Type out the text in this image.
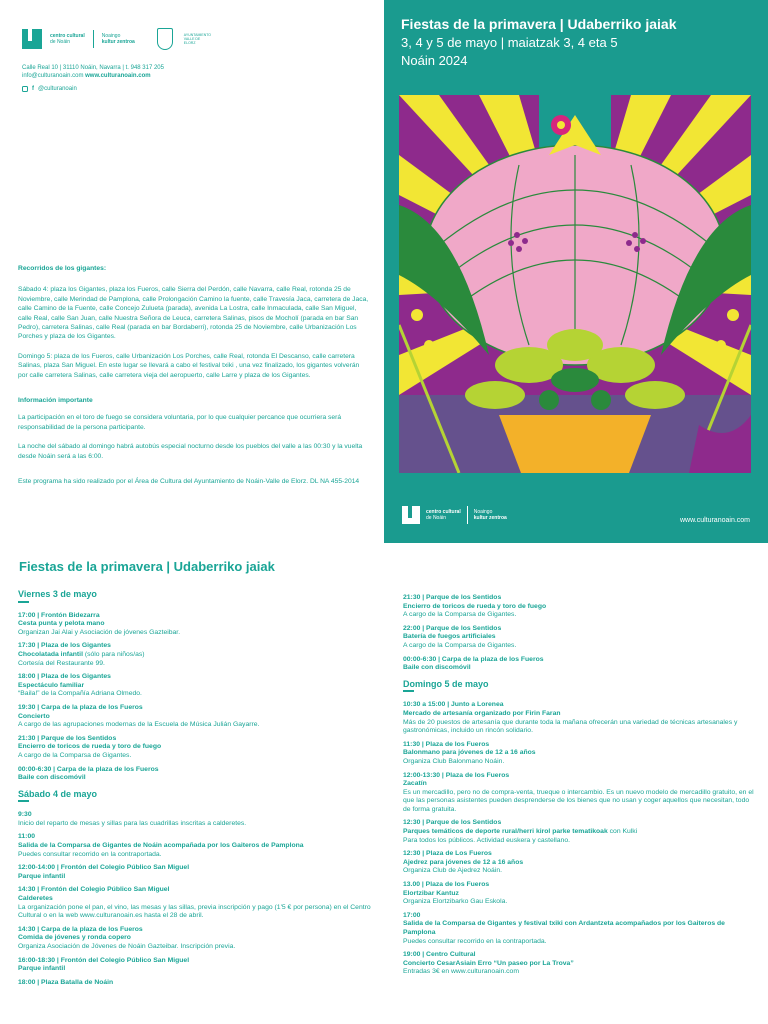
centro cultural
de Noáin
Noaingo
kultur zentroa
AYUNTAMIENTO VALLE DE ELORZ
Calle Real 10 | 31110 Noáin, Navarra | t. 948 317 205
info@culturanoain.com www.culturanoain.com
f @culturanoain
Recorridos de los gigantes:

Sábado 4: plaza los Gigantes, plaza los Fueros, calle Sierra del Perdón, calle Navarra, calle Real, rotonda 25 de Noviembre, calle Merindad de Pamplona, calle Prolongación Camino la fuente, calle Travesía Jaca, carretera de Jaca, calle Camino de la Fuente, calle Concejo Zulueta (parada), avenida La Lostra, calle Inmaculada, calle San Miguel, calle Real, calle San Juan, calle Nuestra Señora de Leuca, carretera Salinas, pisos de Mocholí (parada en bar San Pedro), carretera Salinas, calle Real (parada en bar Bordaberri), rotonda 25 de Noviembre, calle Urbanización Los Porches y plaza de los Gigantes.

Domingo 5: plaza de los Fueros, calle Urbanización Los Porches, calle Real, rotonda El Descanso, calle carretera Salinas, plaza San Miguel. En este lugar se llevará a cabo el festival txiki , una vez finalizado, los gigantes volverán por calle carretera Salinas, calle carretera vieja del aeropuerto, calle Larre y plaza de los Gigantes.

Información importante

La participación en el toro de fuego se considera voluntaria, por lo que cualquier percance que ocurriera será responsabilidad de la persona participante.

La noche del sábado al domingo habrá autobús especial nocturno desde los pueblos del valle a las 00:30 y la vuelta desde Noáin será a las 6:00.

Este programa ha sido realizado por el Área de Cultura del Ayuntamiento de Noáin-Valle de Elorz. DL NA 455-2014

Fiestas de la primavera | Udaberriko jaiak
3, 4 y 5 de mayo | maiatzak 3, 4 eta 5
Noáin 2024
centro cultural
de Noáin
Noaingo
kultur zentroa	www.culturanoain.com
Fiestas de la primavera | Udaberriko jaiak
Viernes 3 de mayo
17:00 | Frontón Bidezarra
Cesta punta y pelota mano
Organizan Jai Alai y Asociación de jóvenes Gazteibar.
17:30 | Plaza de los Gigantes
Chocolatada infantil (sólo para niños/as)
Cortesía del Restaurante 99.
18:00 | Plaza de los Gigantes
Espectáculo familiar
“Baila!” de la Compañía Adriana Olmedo.
19:30 | Carpa de la plaza de los Fueros
Concierto
A cargo de las agrupaciones modernas de la Escuela de Música Julián Gayarre.
21:30 | Parque de los Sentidos
Encierro de toricos de rueda y toro de fuego
A cargo de la Comparsa de Gigantes.
00:00-6:30 | Carpa de la plaza de los Fueros
Baile con discomóvil
Sábado 4 de mayo
9:30
Inicio del reparto de mesas y sillas para las cuadrillas inscritas a calderetes.
11:00
Salida de la Comparsa de Gigantes de Noáin acompañada por los Gaiteros de Pamplona
Puedes consultar recorrido en la contraportada.
12:00-14:00 | Frontón del Colegio Público San Miguel
Parque infantil
14:30 | Frontón del Colegio Público San Miguel
Calderetes
La organización pone el pan, el vino, las mesas y las sillas, previa inscripción y pago (1'5 € por persona) en el Centro Cultural o en la web www.culturanoain.es hasta el 28 de abril.
14:30 | Carpa de la plaza de los Fueros
Comida de jóvenes y ronda copero
Organiza Asociación de Jóvenes de Noáin Gazteibar. Inscripción previa.
16:00-18:30 | Frontón del Colegio Público San Miguel
Parque infantil
18:00 | Plaza Batalla de Noáin
21:30 | Parque de los Sentidos
Encierro de toricos de rueda y toro de fuego
A cargo de la Comparsa de Gigantes.
22:00 | Parque de los Sentidos
Batería de fuegos artificiales
A cargo de la Comparsa de Gigantes.
00:00-6:30 | Carpa de la plaza de los Fueros
Baile con discomóvil
Domingo 5 de mayo
10:30 a 15:00 | Junto a Lorenea
Mercado de artesanía organizado por Firin Faran
Más de 20 puestos de artesanía que durante toda la mañana ofrecerán una variedad de técnicas artesanales y gastronómicas, incluido un rincón solidario.
11:30 | Plaza de los Fueros
Balonmano para jóvenes de 12 a 16 años
Organiza Club Balonmano Noáin.
12:00-13:30 | Plaza de los Fueros
Zacatín
Es un mercadillo, pero no de compra-venta, trueque o intercambio. Es un nuevo modelo de mercadillo gratuito, en el que las personas asistentes pueden desprenderse de los bienes que no usan y coger aquellos que necesitan, todo de forma gratuita.
12:30 | Parque de los Sentidos
Parques temáticos de deporte rural/herri kirol parke tematikoak con Kulki
Para todos los públicos. Actividad euskera y castellano.
12:30 | Plaza de Los Fueros
Ajedrez para jóvenes de 12 a 16 años
Organiza Club de Ajedrez Noáin.
13.00 | Plaza de los Fueros
Elortzibar Kantuz
Organiza Elortzibarko Gau Eskola.
17:00
Salida de la Comparsa de Gigantes y festival txiki con Ardantzeta acompañados por los Gaiteros de Pamplona
Puedes consultar recorrido en la contraportada.
19:00 | Centro Cultural
Concierto CesarAsiain Erro “Un paseo por La Trova”
Entradas 3€ en www.culturanoain.com
